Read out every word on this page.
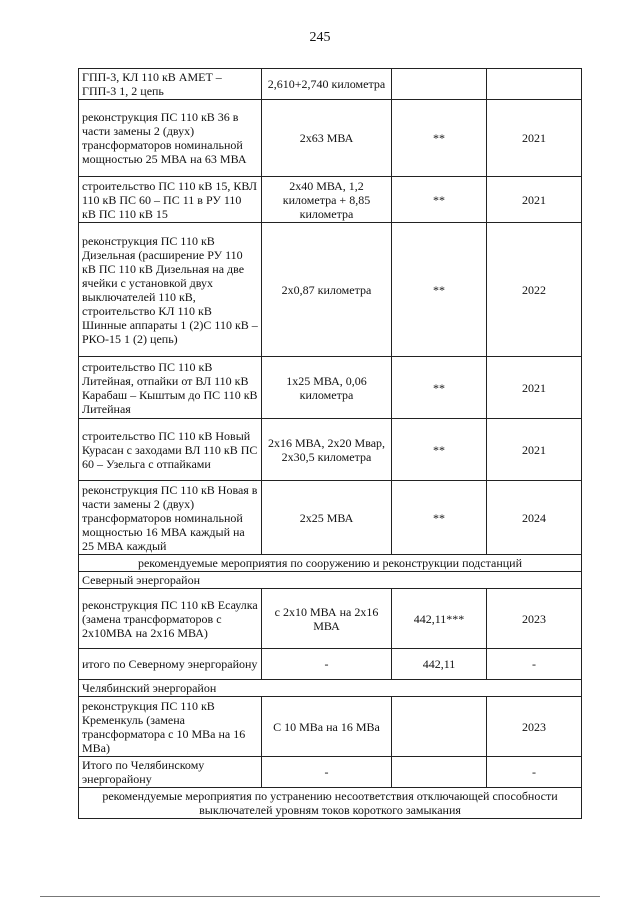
245
ГПП-3, КЛ 110 кВ АМЕТ – ГПП-3 1, 2 цепь	2,610+2,740 километра		
реконструкция ПС 110 кВ 36 в части замены 2 (двух) трансформаторов номинальной мощностью 25 МВА на 63 МВА	2х63 МВА	**	2021
строительство ПС 110 кВ 15, КВЛ 110 кВ ПС 60 – ПС 11 в РУ 110 кВ ПС 110 кВ 15	2х40 МВА, 1,2 километра + 8,85 километра	**	2021
реконструкция ПС 110 кВ Дизельная (расширение РУ 110 кВ ПС 110 кВ Дизельная на две ячейки с установкой двух выключателей 110 кВ, строительство КЛ 110 кВ Шинные аппараты 1 (2)С 110 кВ – РКО-15 1 (2) цепь)	2х0,87 километра	**	2022
строительство ПС 110 кВ Литейная, отпайки от ВЛ 110 кВ Карабаш – Кыштым до ПС 110 кВ Литейная	1х25 МВА, 0,06 километра	**	2021
строительство ПС 110 кВ Новый Курасан с заходами ВЛ 110 кВ ПС 60 – Узельга с отпайками	2х16 МВА, 2х20 Мвар, 2х30,5 километра	**	2021
реконструкция ПС 110 кВ Новая в части замены 2 (двух) трансформаторов номинальной мощностью 16 МВА каждый на 25 МВА каждый	2х25 МВА	**	2024
рекомендуемые мероприятия по сооружению и реконструкции подстанций			
Северный энергорайон			
реконструкция ПС 110 кВ Есаулка (замена трансформаторов с 2х10МВА на 2х16 МВА)	с 2х10 МВА на 2х16 МВА	442,11***	2023
итого по Северному энергорайону	-	442,11	-
Челябинский энергорайон			
реконструкция ПС 110 кВ Кременкуль (замена трансформатора с 10 МВа на 16 МВа)	С 10 МВа на 16 МВа		2023
Итого по Челябинскому энергорайону	-		-
рекомендуемые мероприятия по устранению несоответствия отключающей способности выключателей уровням токов короткого замыкания			
